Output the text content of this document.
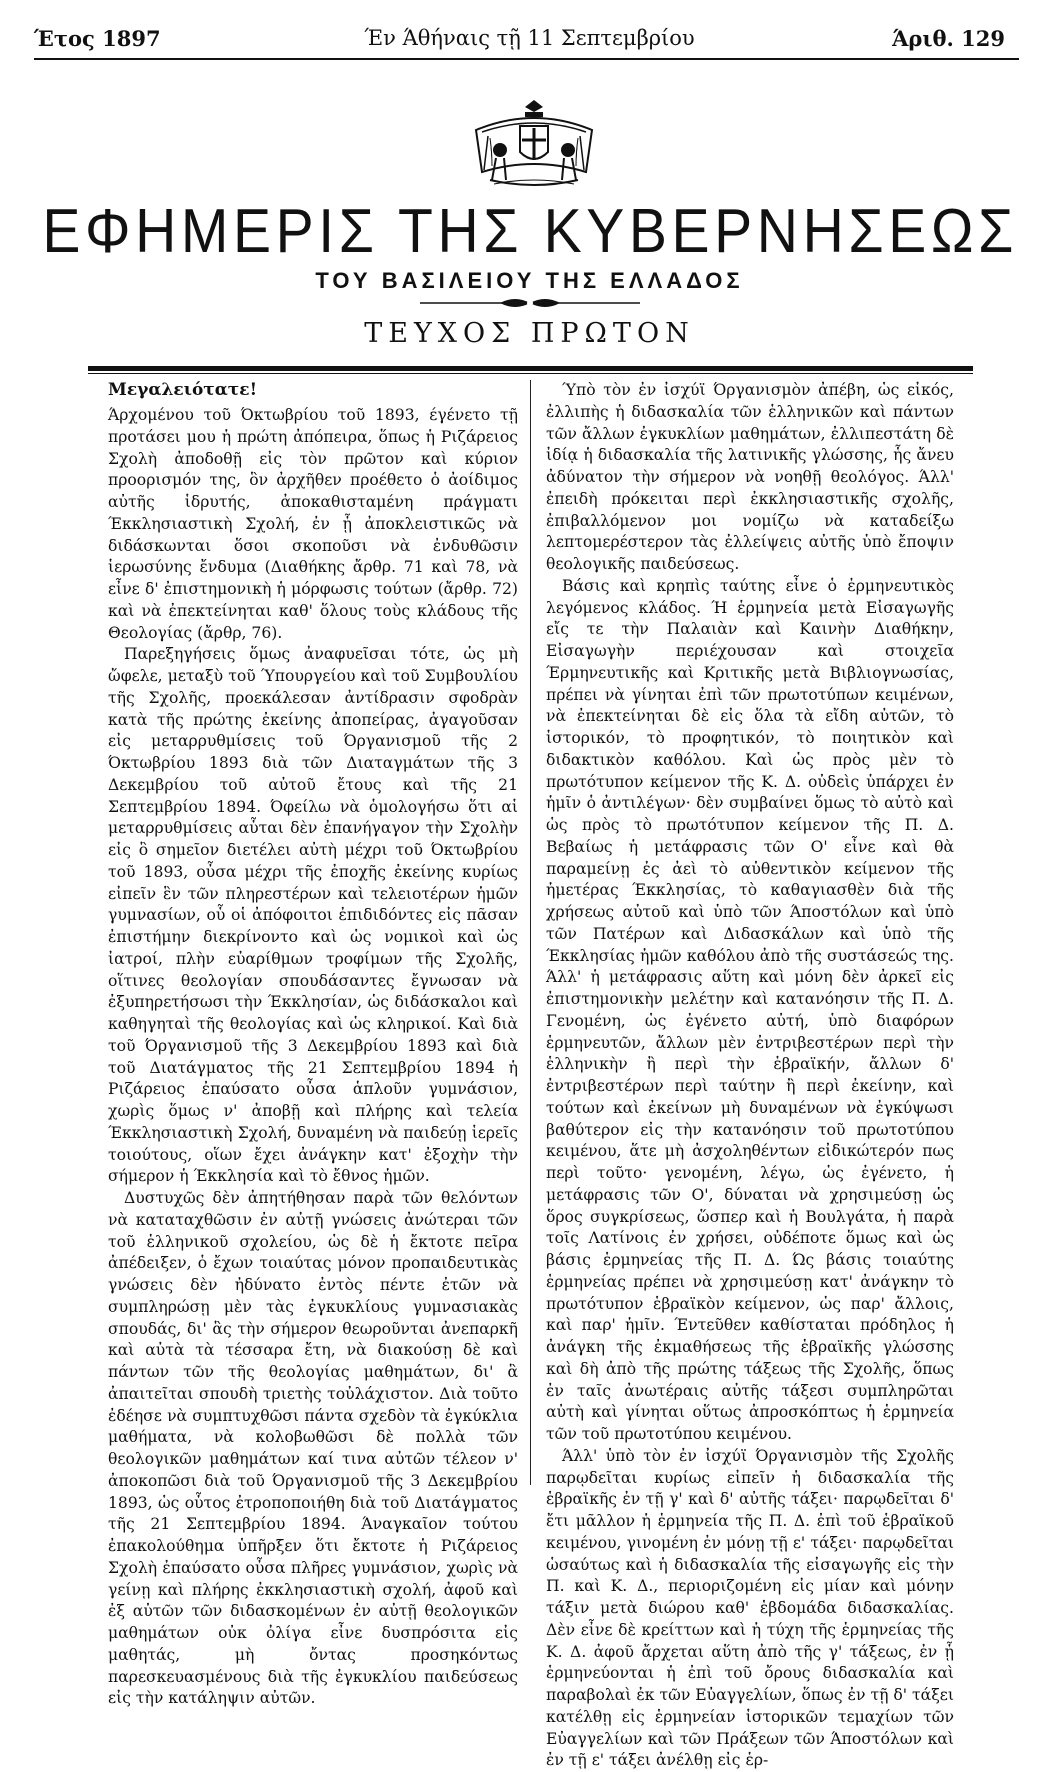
Έν Άθήναις τῇ 11 Σεπτεμβρίου
Έτος 1897	Άριθ. 129
ΕΦΗΜΕΡΙΣ ΤΗΣ ΚΥΒΕΡΝΗΣΕΩΣ
ΤΟΥ ΒΑΣΙΛΕΙΟΥ ΤΗΣ ΕΛΛΑΔΟΣ
ΤΕΥΧΟΣ ΠΡΩΤΟΝ
Μεγαλειότατε!

Άρχομένου τοῦ Όκτωβρίου τοῦ 1893, έγένετο τῇ προτάσει μου ἡ πρώτη ἀπόπειρα, ὅπως ἡ Ριζάρειος Σχολὴ ἀποδοθῇ εἰς τὸν πρῶτον καὶ κύριον προορισμόν της, ὃν ἀρχῆθεν προέθετο ὁ ἀοίδιμος αὐτῆς ἱδρυτής, ἀποκαθισταμένη πράγματι Έκκλησιαστικὴ Σχολή, ἐν ᾗ ἀποκλειστικῶς νὰ διδάσκωνται ὅσοι σκοποῦσι νὰ ἐνδυθῶσιν ἱερωσύνης ἔνδυμα (Διαθήκης ἄρθρ. 71 καὶ 78, νὰ εἶνε δ' ἐπιστημονικὴ ἡ μόρφωσις τούτων (ἄρθρ. 72) καὶ νὰ ἐπεκτείνηται καθ' ὅλους τοὺς κλάδους τῆς Θεολογίας (ἄρθρ, 76).

Παρεξηγήσεις ὅμως ἀναφυεῖσαι τότε, ὡς μὴ ὤφελε, μεταξὺ τοῦ Ύπουργείου καὶ τοῦ Συμβουλίου τῆς Σχολῆς, προεκάλεσαν ἀντίδρασιν σφοδρὰν κατὰ τῆς πρώτης ἐκείνης ἀποπείρας, ἀγαγοῦσαν εἰς μεταρρυθμίσεις τοῦ Όργανισμοῦ τῆς 2 Όκτωβρίου 1893 διὰ τῶν Διαταγμάτων τῆς 3 Δεκεμβρίου τοῦ αὐτοῦ ἔτους καὶ τῆς 21 Σεπτεμβρίου 1894. Όφείλω νὰ ὁμολογήσω ὅτι αἱ μεταρρυθμίσεις αὗται δὲν ἐπανήγαγον τὴν Σχολὴν εἰς ὃ σημεῖον διετέλει αὐτὴ μέχρι τοῦ Όκτωβρίου τοῦ 1893, οὖσα μέχρι τῆς ἐποχῆς ἐκείνης κυρίως εἰπεῖν ἓν τῶν πληρεστέρων καὶ τελειοτέρων ἡμῶν γυμνασίων, οὗ οἱ ἀπόφοιτοι ἐπιδιδόντες εἰς πᾶσαν ἐπιστήμην διεκρίνοντο καὶ ὡς νομικοὶ καὶ ὡς ἰατροί, πλὴν εὐαρίθμων τροφίμων τῆς Σχολῆς, οἵτινες θεολογίαν σπουδάσαντες ἔγνωσαν νὰ ἐξυπηρετήσωσι τὴν Έκκλησίαν, ὡς διδάσκαλοι καὶ καθηγηταὶ τῆς θεολογίας καὶ ὡς κληρικοί. Καὶ διὰ τοῦ Όργανισμοῦ τῆς 3 Δεκεμβρίου 1893 καὶ διὰ τοῦ Διατάγματος τῆς 21 Σεπτεμβρίου 1894 ἡ Ριζάρειος ἐπαύσατο οὖσα ἁπλοῦν γυμνάσιον, χωρὶς ὅμως ν' ἀποβῇ καὶ πλήρης καὶ τελεία Έκκλησιαστικὴ Σχολή, δυναμένη νὰ παιδεύῃ ἱερεῖς τοιούτους, οἵων ἔχει ἀνάγκην κατ' ἐξοχὴν τὴν σήμερον ἡ Έκκλησία καὶ τὸ ἔθνος ἡμῶν.

Δυστυχῶς δὲν ἀπητήθησαν παρὰ τῶν θελόντων νὰ καταταχθῶσιν ἐν αὐτῇ γνώσεις ἀνώτεραι τῶν τοῦ ἑλληνικοῦ σχολείου, ὡς δὲ ἡ ἔκτοτε πεῖρα ἀπέδειξεν, ὁ ἔχων τοιαύτας μόνον προπαιδευτικὰς γνώσεις δὲν ἠδύνατο ἐντὸς πέντε ἐτῶν νὰ συμπληρώσῃ μὲν τὰς ἐγκυκλίους γυμνασιακὰς σπουδάς, δι' ἃς τὴν σήμερον θεωροῦνται ἀνεπαρκῆ καὶ αὐτὰ τὰ τέσσαρα ἔτη, νὰ διακούσῃ δὲ καὶ πάντων τῶν τῆς θεολογίας μαθημάτων, δι' ἃ ἀπαιτεῖται σπουδὴ τριετὴς τοὐλάχιστον. Διὰ τοῦτο ἐδέησε νὰ συμπτυχθῶσι πάντα σχεδὸν τὰ ἐγκύκλια μαθήματα, νὰ κολοβωθῶσι δὲ πολλὰ τῶν θεολογικῶν μαθημάτων καί τινα αὐτῶν τέλεον ν' ἀποκοπῶσι διὰ τοῦ Όργανισμοῦ τῆς 3 Δεκεμβρίου 1893, ὡς οὗτος ἐτροποποιήθη διὰ τοῦ Διατάγματος τῆς 21 Σεπτεμβρίου 1894. Άναγκαῖον τούτου ἐπακολούθημα ὑπῆρξεν ὅτι ἔκτοτε ἡ Ριζάρειος Σχολὴ ἐπαύσατο οὖσα πλῆρες γυμνάσιον, χωρὶς νὰ γείνῃ καὶ πλήρης ἐκκλησιαστικὴ σχολή, ἀφοῦ καὶ ἐξ αὐτῶν τῶν διδασκομένων ἐν αὐτῇ θεολογικῶν μαθημάτων οὐκ ὀλίγα εἶνε δυσπρόσιτα εἰς μαθητάς, μὴ ὄντας προσηκόντως παρεσκευασμένους διὰ τῆς ἐγκυκλίου παιδεύσεως εἰς τὴν κατάληψιν αὐτῶν.

Ύπὸ τὸν ἐν ἰσχύϊ Όργανισμὸν ἀπέβη, ὡς εἰκός, ἐλλιπὴς ἡ διδασκαλία τῶν ἑλληνικῶν καὶ πάντων τῶν ἄλλων ἐγκυκλίων μαθημάτων, ἐλλιπεστάτη δὲ ἰδίᾳ ἡ διδασκαλία τῆς λατινικῆς γλώσσης, ἧς ἄνευ ἀδύνατον τὴν σήμερον νὰ νοηθῇ θεολόγος. Άλλ' ἐπειδὴ πρόκειται περὶ ἐκκλησιαστικῆς σχολῆς, ἐπιβαλλόμενον μοι νομίζω νὰ καταδείξω λεπτομερέστερον τὰς ἐλλείψεις αὐτῆς ὑπὸ ἔποψιν θεολογικῆς παιδεύσεως.

Βάσις καὶ κρηπὶς ταύτης εἶνε ὁ ἑρμηνευτικὸς λεγόμενος κλάδος. Ή ἑρμηνεία μετὰ Εἰσαγωγῆς εἴς τε τὴν Παλαιὰν καὶ Καινὴν Διαθήκην, Εἰσαγωγὴν περιέχουσαν καὶ στοιχεῖα Έρμηνευτικῆς καὶ Κριτικῆς μετὰ Βιβλιογνωσίας, πρέπει νὰ γίνηται ἐπὶ τῶν πρωτοτύπων κειμένων, νὰ ἐπεκτείνηται δὲ εἰς ὅλα τὰ εἴδη αὐτῶν, τὸ ἱστορικόν, τὸ προφητικόν, τὸ ποιητικὸν καὶ διδακτικὸν καθόλου. Καὶ ὡς πρὸς μὲν τὸ πρωτότυπον κείμενον τῆς Κ. Δ. οὐδεὶς ὑπάρχει ἐν ἡμῖν ὁ ἀντιλέγων· δὲν συμβαίνει ὅμως τὸ αὐτὸ καὶ ὡς πρὸς τὸ πρωτότυπον κείμενον τῆς Π. Δ. Βεβαίως ἡ μετάφρασις τῶν Ο' εἶνε καὶ θὰ παραμείνῃ ἐς ἀεὶ τὸ αὐθεντικὸν κείμενον τῆς ἡμετέρας Έκκλησίας, τὸ καθαγιασθὲν διὰ τῆς χρήσεως αὐτοῦ καὶ ὑπὸ τῶν Άποστόλων καὶ ὑπὸ τῶν Πατέρων καὶ Διδασκάλων καὶ ὑπὸ τῆς Έκκλησίας ἡμῶν καθόλου ἀπὸ τῆς συστάσεώς της. Άλλ' ἡ μετάφρασις αὕτη καὶ μόνη δὲν ἀρκεῖ εἰς ἐπιστημονικὴν μελέτην καὶ κατανόησιν τῆς Π. Δ. Γενομένη, ὡς ἐγένετο αὐτή, ὑπὸ διαφόρων ἑρμηνευτῶν, ἄλλων μὲν ἐντριβεστέρων περὶ τὴν ἑλληνικὴν ἢ περὶ τὴν ἑβραϊκήν, ἄλλων δ' ἐντριβεστέρων περὶ ταύτην ἢ περὶ ἐκείνην, καὶ τούτων καὶ ἐκείνων μὴ δυναμένων νὰ ἐγκύψωσι βαθύτερον εἰς τὴν κατανόησιν τοῦ πρωτοτύπου κειμένου, ἅτε μὴ ἀσχοληθέντων εἰδικώτερόν πως περὶ τοῦτο· γενομένη, λέγω, ὡς ἐγένετο, ἡ μετάφρασις τῶν Ο', δύναται νὰ χρησιμεύσῃ ὡς ὅρος συγκρίσεως, ὥσπερ καὶ ἡ Βουλγάτα, ἡ παρὰ τοῖς Λατίνοις ἐν χρήσει, οὐδέποτε ὅμως καὶ ὡς βάσις ἑρμηνείας τῆς Π. Δ. Ώς βάσις τοιαύτης ἑρμηνείας πρέπει νὰ χρησιμεύσῃ κατ' ἀνάγκην τὸ πρωτότυπον ἑβραϊκὸν κείμενον, ὡς παρ' ἄλλοις, καὶ παρ' ἡμῖν. Έντεῦθεν καθίσταται πρόδηλος ἡ ἀνάγκη τῆς ἐκμαθήσεως τῆς ἑβραϊκῆς γλώσσης καὶ δὴ ἀπὸ τῆς πρώτης τάξεως τῆς Σχολῆς, ὅπως ἐν ταῖς ἀνωτέραις αὐτῆς τάξεσι συμπληρῶται αὐτὴ καὶ γίνηται οὕτως ἀπροσκόπτως ἡ ἑρμηνεία τῶν τοῦ πρωτοτύπου κειμένου.

Άλλ' ὑπὸ τὸν ἐν ἰσχύϊ Όργανισμὸν τῆς Σχολῆς παρῳδεῖται κυρίως εἰπεῖν ἡ διδασκαλία τῆς ἑβραϊκῆς ἐν τῇ γ' καὶ δ' αὐτῆς τάξει· παρῳδεῖται δ' ἔτι μᾶλλον ἡ ἑρμηνεία τῆς Π. Δ. ἐπὶ τοῦ ἑβραϊκοῦ κειμένου, γινομένη ἐν μόνῃ τῇ ε' τάξει· παρῳδεῖται ὡσαύτως καὶ ἡ διδασκαλία τῆς εἰσαγωγῆς εἰς τὴν Π. καὶ Κ. Δ., περιοριζομένη εἰς μίαν καὶ μόνην τάξιν μετὰ διώρου καθ' ἑβδομάδα διδασκαλίας. Δὲν εἶνε δὲ κρείττων καὶ ἡ τύχη τῆς ἑρμηνείας τῆς Κ. Δ. ἀφοῦ ἄρχεται αὕτη ἀπὸ τῆς γ' τάξεως, ἐν ᾗ ἑρμηνεύονται ἡ ἐπὶ τοῦ ὄρους διδασκαλία καὶ παραβολαὶ ἐκ τῶν Εὐαγγελίων, ὅπως ἐν τῇ δ' τάξει κατέλθῃ εἰς ἑρμηνείαν ἱστορικῶν τεμαχίων τῶν Εὐαγγελίων καὶ τῶν Πράξεων τῶν Άποστόλων καὶ ἐν τῇ ε' τάξει ἀνέλθῃ εἰς ἑρ-
